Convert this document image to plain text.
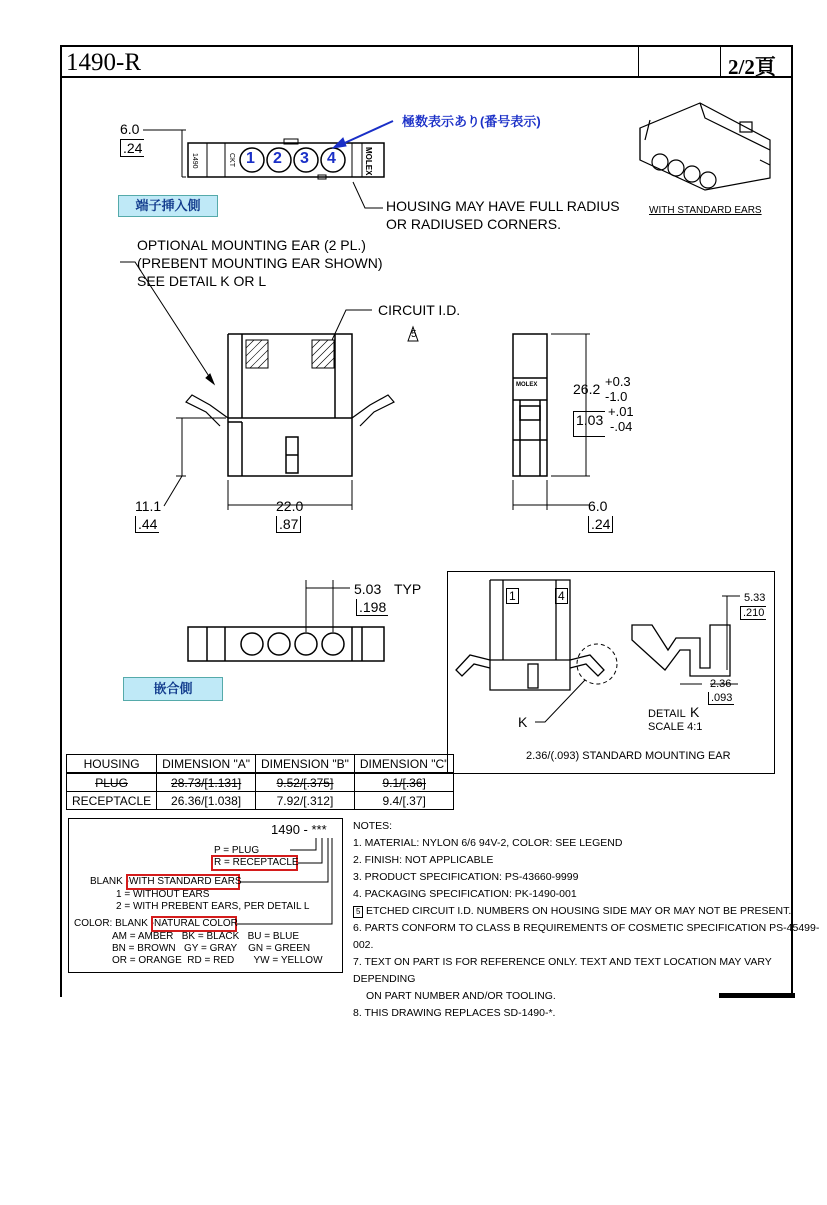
1490-R	2/2頁
6.0
.24
1490	CKT	MOLEX
1 2 3 4
極数表示あり(番号表示)
端子挿入側	HOUSING MAY HAVE FULL RADIUS
OR RADIUSED CORNERS.
WITH STANDARD EARS
OPTIONAL MOUNTING EAR (2 PL.)
(PREBENT MOUNTING EAR SHOWN)
SEE DETAIL K OR L
CIRCUIT I.D.
5
11.1
.44
22.0
.87
MOLEX	26.2 +0.3
-1.0
1.03
+.01
-.04
6.0
.24
5.03 TYP
.198
嵌合側
1	4	5.33
.210
2.36
.093
K	DETAIL K
SCALE 4:1
2.36/(.093) STANDARD MOUNTING EAR
HOUSING	DIMENSION "A"	DIMENSION "B"	DIMENSION "C"
PLUG	28.73/[1.131]	9.52/[.375]	9.1/[.36]
RECEPTACLE	26.36/[1.038]	7.92/[.312]	9.4/[.37]
1490 - ***
P = PLUG
R = RECEPTACLE
BLANK - WITH STANDARD EARS
1 = WITHOUT EARS
2 = WITH PREBENT EARS, PER DETAIL L
COLOR: BLANK - NATURAL COLOR
AM = AMBER   BK = BLACK   BU = BLUE
BN = BROWN   GY = GRAY    GN = GREEN
OR = ORANGE  RD = RED       YW = YELLOW
NOTES:
1. MATERIAL: NYLON 6/6 94V-2, COLOR: SEE LEGEND
2. FINISH: NOT APPLICABLE
3. PRODUCT SPECIFICATION: PS-43660-9999
4. PACKAGING SPECIFICATION: PK-1490-001
5 ETCHED CIRCUIT I.D. NUMBERS ON HOUSING SIDE MAY OR MAY NOT BE PRESENT.
6. PARTS CONFORM TO CLASS B REQUIREMENTS OF COSMETIC SPECIFICATION PS-45499-002.
7. TEXT ON PART IS FOR REFERENCE ONLY. TEXT AND TEXT LOCATION MAY VARY DEPENDING
ON PART NUMBER AND/OR TOOLING.
8. THIS DRAWING REPLACES SD-1490-*.
